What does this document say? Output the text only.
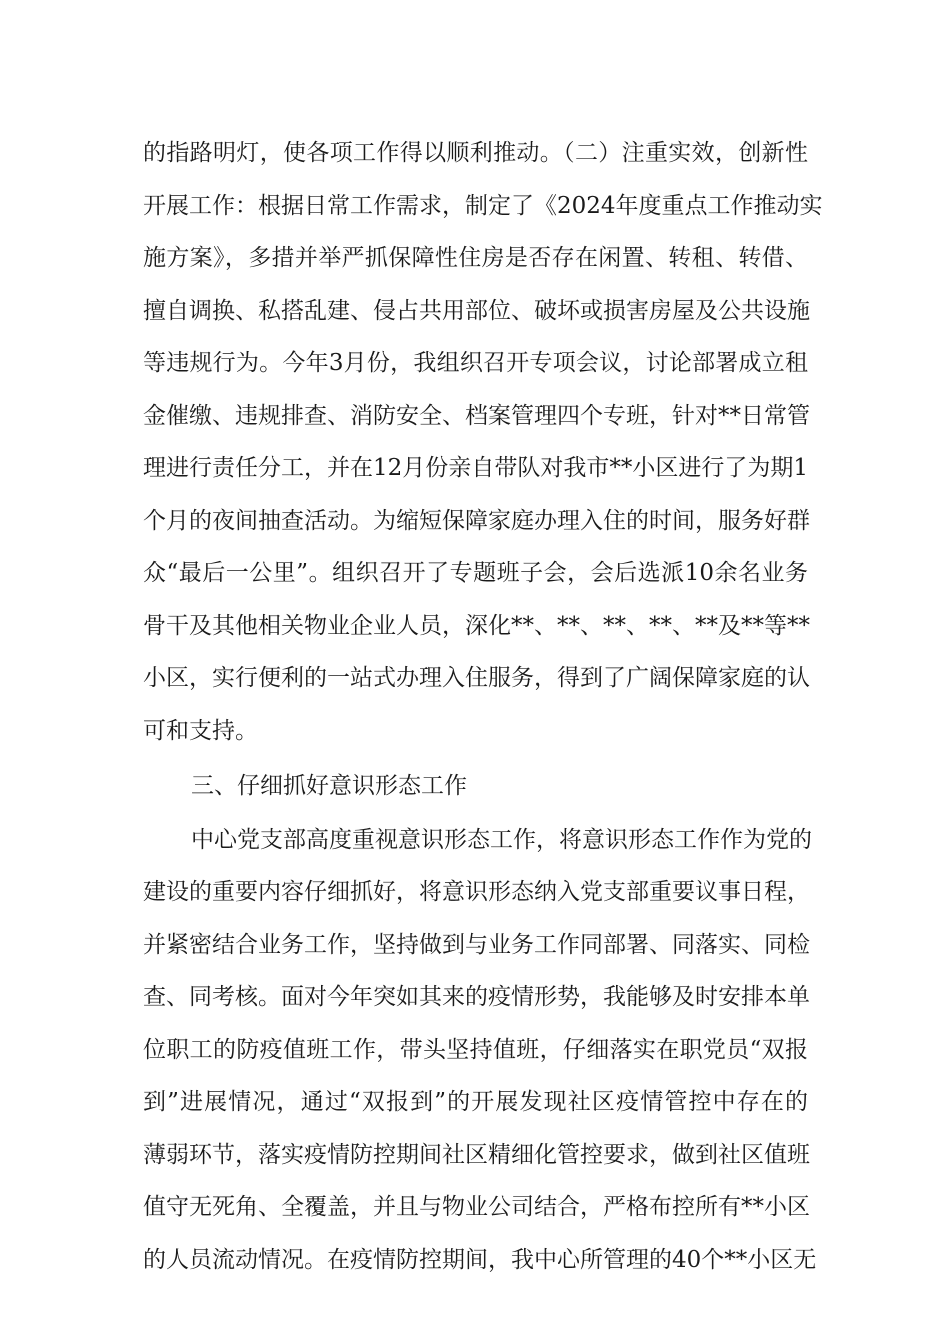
的指路明灯，使各项工作得以顺利推动。（二）注重实效，创新性
开展工作：根据日常工作需求，制定了《2024年度重点工作推动实
施方案》，多措并举严抓保障性住房是否存在闲置、转租、转借、
擅自调换、私搭乱建、侵占共用部位、破坏或损害房屋及公共设施
等违规行为。今年3月份，我组织召开专项会议，讨论部署成立租
金催缴、违规排查、消防安全、档案管理四个专班，针对**日常管
理进行责任分工，并在12月份亲自带队对我市**小区进行了为期1
个月的夜间抽查活动。为缩短保障家庭办理入住的时间，服务好群
众“最后一公里”。组织召开了专题班子会，会后选派10余名业务
骨干及其他相关物业企业人员，深化**、**、**、**、**及**等**
小区，实行便利的一站式办理入住服务，得到了广阔保障家庭的认
可和支持。
三、仔细抓好意识形态工作
中心党支部高度重视意识形态工作，将意识形态工作作为党的
建设的重要内容仔细抓好，将意识形态纳入党支部重要议事日程，
并紧密结合业务工作，坚持做到与业务工作同部署、同落实、同检
查、同考核。面对今年突如其来的疫情形势，我能够及时安排本单
位职工的防疫值班工作，带头坚持值班，仔细落实在职党员“双报
到”进展情况，通过“双报到”的开展发现社区疫情管控中存在的
薄弱环节，落实疫情防控期间社区精细化管控要求，做到社区值班
值守无死角、全覆盖，并且与物业公司结合，严格布控所有**小区
的人员流动情况。在疫情防控期间，我中心所管理的40个**小区无
